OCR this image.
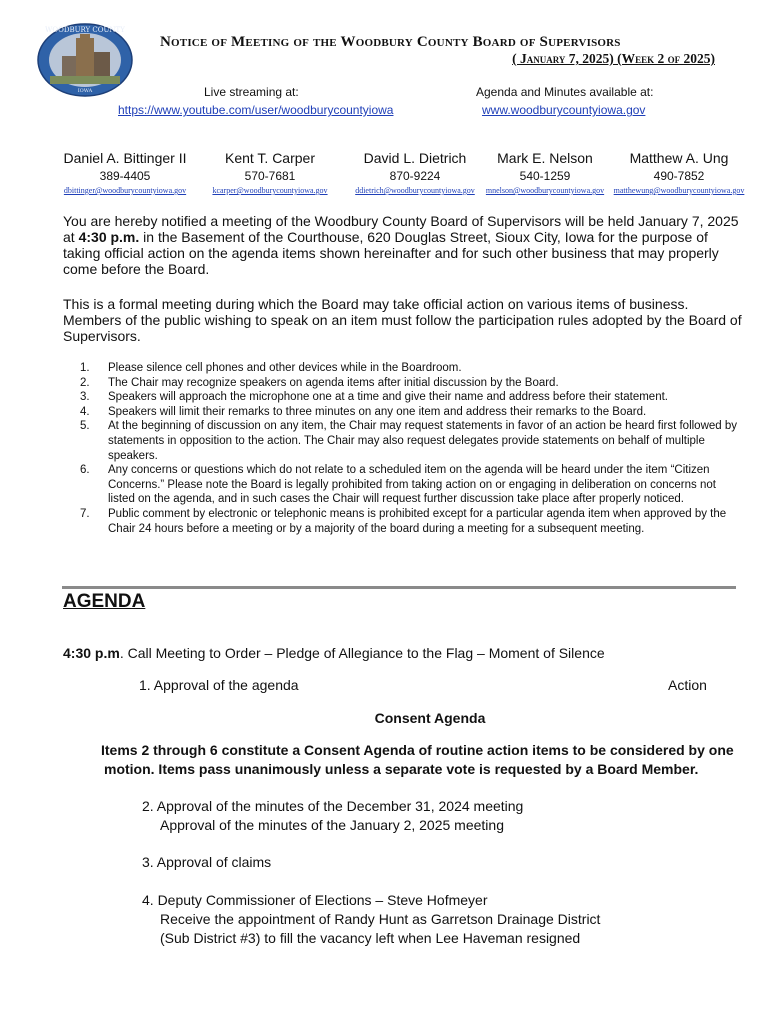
WOODBURY COUNTY
IOWA
Notice of Meeting of the Woodbury County Board of Supervisors
( January 7, 2025) (Week 2 of 2025)
Live streaming at:
https://www.youtube.com/user/woodburycountyiowa
Agenda and Minutes available at:
www.woodburycountyiowa.gov
Daniel A. Bittinger II
389-4405
dbittinger@woodburycountyiowa.gov
Kent T. Carper
570-7681
kcarper@woodburycountyiowa.gov
David L. Dietrich
870-9224
ddietrich@woodburycountyiowa.gov
Mark E. Nelson
540-1259
mnelson@woodburycountyiowa.gov
Matthew A. Ung
490-7852
matthewung@woodburycountyiowa.gov
You are hereby notified a meeting of the Woodbury County Board of Supervisors will be held January 7, 2025 at 4:30 p.m. in the Basement of the Courthouse, 620 Douglas Street, Sioux City, Iowa for the purpose of taking official action on the agenda items shown hereinafter and for such other business that may properly come before the Board.
This is a formal meeting during which the Board may take official action on various items of business. Members of the public wishing to speak on an item must follow the participation rules adopted by the Board of Supervisors.
1. Please silence cell phones and other devices while in the Boardroom.
2. The Chair may recognize speakers on agenda items after initial discussion by the Board.
3. Speakers will approach the microphone one at a time and give their name and address before their statement.
4. Speakers will limit their remarks to three minutes on any one item and address their remarks to the Board.
5. At the beginning of discussion on any item, the Chair may request statements in favor of an action be heard first followed by statements in opposition to the action. The Chair may also request delegates provide statements on behalf of multiple speakers.
6. Any concerns or questions which do not relate to a scheduled item on the agenda will be heard under the item “Citizen Concerns.” Please note the Board is legally prohibited from taking action on or engaging in deliberation on concerns not listed on the agenda, and in such cases the Chair will request further discussion take place after properly noticed.
7. Public comment by electronic or telephonic means is prohibited except for a particular agenda item when approved by the Chair 24 hours before a meeting or by a majority of the board during a meeting for a subsequent meeting.
AGENDA
4:30 p.m. Call Meeting to Order – Pledge of Allegiance to the Flag – Moment of Silence
1. Approval of the agenda	Action
Consent Agenda
Items 2 through 6 constitute a Consent Agenda of routine action items to be considered by one
motion. Items pass unanimously unless a separate vote is requested by a Board Member.
2. Approval of the minutes of the December 31, 2024 meeting
Approval of the minutes of the January 2, 2025 meeting
3. Approval of claims
4. Deputy Commissioner of Elections – Steve Hofmeyer
Receive the appointment of Randy Hunt as Garretson Drainage District
(Sub District #3) to fill the vacancy left when Lee Haveman resigned
